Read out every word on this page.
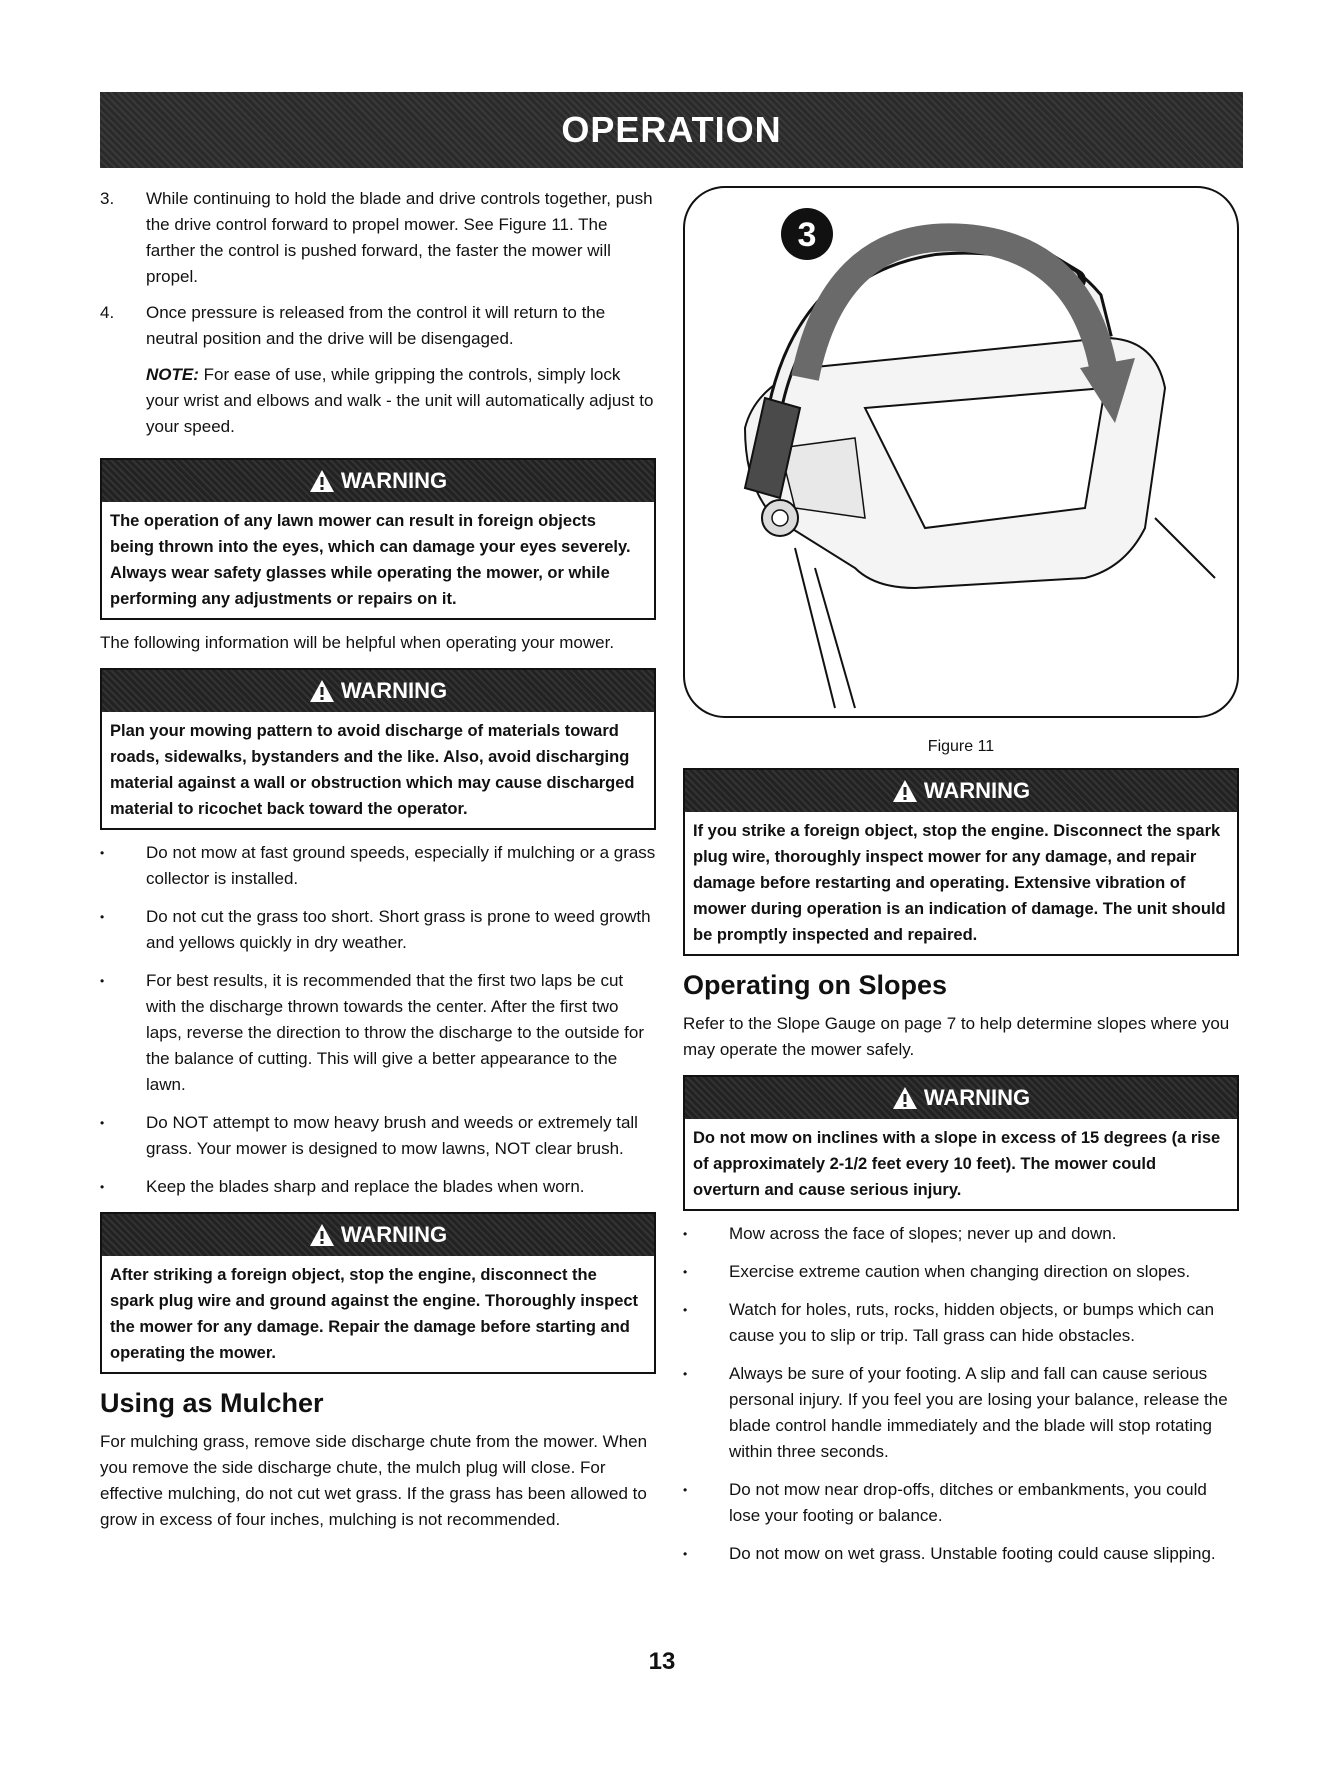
OPERATION
3.	While continuing to hold the blade and drive controls together, push the drive control forward to propel mower. See Figure 11. The farther the control is pushed forward, the faster the mower will propel.
4.	Once pressure is released from the control it will return to the neutral position and the drive will be disengaged.
NOTE: For ease of use, while gripping the controls, simply lock your wrist and elbows and walk - the unit will automatically adjust to your speed.
WARNING
The operation of any lawn mower can result in foreign objects being thrown into the eyes, which can damage your eyes severely. Always wear safety glasses while operating the mower, or while performing any adjustments or repairs on it.
The following information will be helpful when operating your mower.
WARNING
Plan your mowing pattern to avoid discharge of materials toward roads, sidewalks, bystanders and the like. Also, avoid discharging material against a wall or obstruction which may cause discharged material to ricochet back toward the operator.
• Do not mow at fast ground speeds, especially if mulching or a grass collector is installed.
• Do not cut the grass too short. Short grass is prone to weed growth and yellows quickly in dry weather.
• For best results, it is recommended that the first two laps be cut with the discharge thrown towards the center. After the first two laps, reverse the direction to throw the discharge to the outside for the balance of cutting. This will give a better appearance to the lawn.
• Do NOT attempt to mow heavy brush and weeds or extremely tall grass. Your mower is designed to mow lawns, NOT clear brush.
• Keep the blades sharp and replace the blades when worn.
WARNING
After striking a foreign object, stop the engine, disconnect the spark plug wire and ground against the engine. Thoroughly inspect the mower for any damage. Repair the damage before starting and operating the mower.
Using as Mulcher
For mulching grass, remove side discharge chute from the mower. When you remove the side discharge chute, the mulch plug will close. For effective mulching, do not cut wet grass. If the grass has been allowed to grow in excess of four inches, mulching is not recommended.
3
Figure 11
WARNING
If you strike a foreign object, stop the engine. Disconnect the spark plug wire, thoroughly inspect mower for any damage, and repair damage before restarting and operating. Extensive vibration of mower during operation is an indication of damage. The unit should be promptly inspected and repaired.
Operating on Slopes
Refer to the Slope Gauge on page 7 to help determine slopes where you may operate the mower safely.
WARNING
Do not mow on inclines with a slope in excess of 15 degrees (a rise of approximately 2-1/2 feet every 10 feet). The mower could overturn and cause serious injury.
• Mow across the face of slopes; never up and down.
• Exercise extreme caution when changing direction on slopes.
• Watch for holes, ruts, rocks, hidden objects, or bumps which can cause you to slip or trip. Tall grass can hide obstacles.
• Always be sure of your footing. A slip and fall can cause serious personal injury. If you feel you are losing your balance, release the blade control handle immediately and the blade will stop rotating within three seconds.
• Do not mow near drop-offs, ditches or embankments, you could lose your footing or balance.
• Do not mow on wet grass. Unstable footing could cause slipping.
13
